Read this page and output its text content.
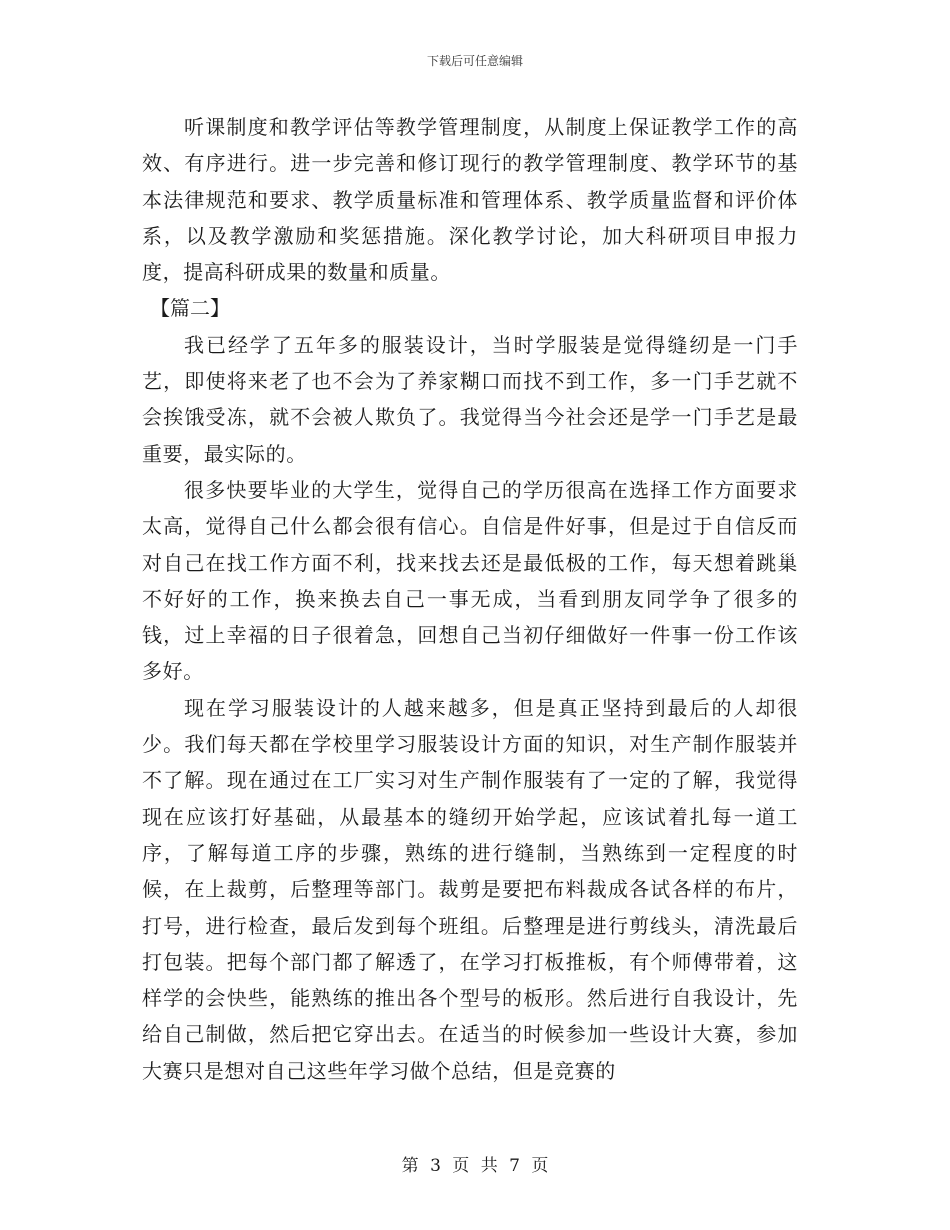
下载后可任意编辑

听课制度和教学评估等教学管理制度，从制度上保证教学工作的高效、有序进行。进一步完善和修订现行的教学管理制度、教学环节的基本法律规范和要求、教学质量标准和管理体系、教学质量监督和评价体系，以及教学激励和奖惩措施。深化教学讨论，加大科研项目申报力度，提高科研成果的数量和质量。

【篇二】

我已经学了五年多的服装设计，当时学服装是觉得缝纫是一门手艺，即使将来老了也不会为了养家糊口而找不到工作，多一门手艺就不会挨饿受冻，就不会被人欺负了。我觉得当今社会还是学一门手艺是最重要，最实际的。

很多快要毕业的大学生，觉得自己的学历很高在选择工作方面要求太高，觉得自己什么都会很有信心。自信是件好事，但是过于自信反而对自己在找工作方面不利，找来找去还是最低极的工作，每天想着跳巢不好好的工作，换来换去自己一事无成，当看到朋友同学争了很多的钱，过上幸福的日子很着急，回想自己当初仔细做好一件事一份工作该多好。

现在学习服装设计的人越来越多，但是真正坚持到最后的人却很少。我们每天都在学校里学习服装设计方面的知识，对生产制作服装并不了解。现在通过在工厂实习对生产制作服装有了一定的了解，我觉得现在应该打好基础，从最基本的缝纫开始学起，应该试着扎每一道工序，了解每道工序的步骤，熟练的进行缝制，当熟练到一定程度的时候，在上裁剪，后整理等部门。裁剪是要把布料裁成各试各样的布片，打号，进行检查，最后发到每个班组。后整理是进行剪线头，清洗最后打包装。把每个部门都了解透了，在学习打板推板，有个师傅带着，这样学的会快些，能熟练的推出各个型号的板形。然后进行自我设计，先给自己制做，然后把它穿出去。在适当的时候参加一些设计大赛，参加大赛只是想对自己这些年学习做个总结，但是竞赛的

第 3 页 共 7 页
